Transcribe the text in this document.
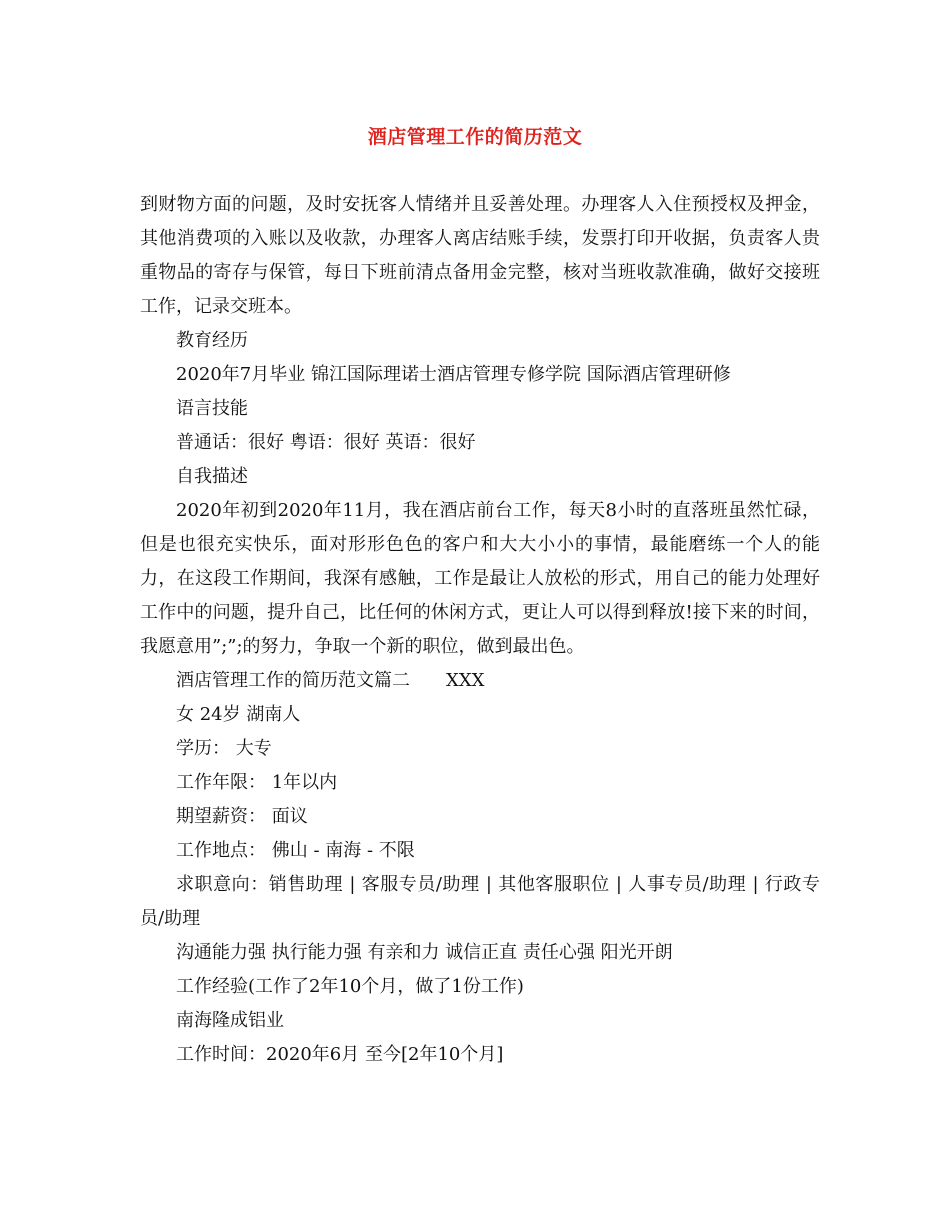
酒店管理工作的简历范文

到财物方面的问题，及时安抚客人情绪并且妥善处理。办理客人入住预授权及押金，其他消费项的入账以及收款，办理客人离店结账手续，发票打印开收据，负责客人贵重物品的寄存与保管，每日下班前清点备用金完整，核对当班收款准确，做好交接班工作，记录交班本。

教育经历

2020年7月毕业 锦江国际理诺士酒店管理专修学院 国际酒店管理研修

语言技能

普通话：很好 粤语：很好 英语：很好

自我描述

2020年初到2020年11月，我在酒店前台工作，每天8小时的直落班虽然忙碌，但是也很充实快乐，面对形形色色的客户和大大小小的事情，最能磨练一个人的能力，在这段工作期间，我深有感触，工作是最让人放松的形式，用自己的能力处理好工作中的问题，提升自己，比任何的休闲方式，更让人可以得到释放!接下来的时间，我愿意用”;”;的努力，争取一个新的职位，做到最出色。

酒店管理工作的简历范文篇二 XXX

女 24岁 湖南人

学历： 大专

工作年限： 1年以内

期望薪资： 面议

工作地点： 佛山 - 南海 - 不限

求职意向：销售助理 | 客服专员/助理 | 其他客服职位 | 人事专员/助理 | 行政专员/助理

沟通能力强 执行能力强 有亲和力 诚信正直 责任心强 阳光开朗

工作经验(工作了2年10个月，做了1份工作)

南海隆成铝业

工作时间：2020年6月 至今[2年10个月]
